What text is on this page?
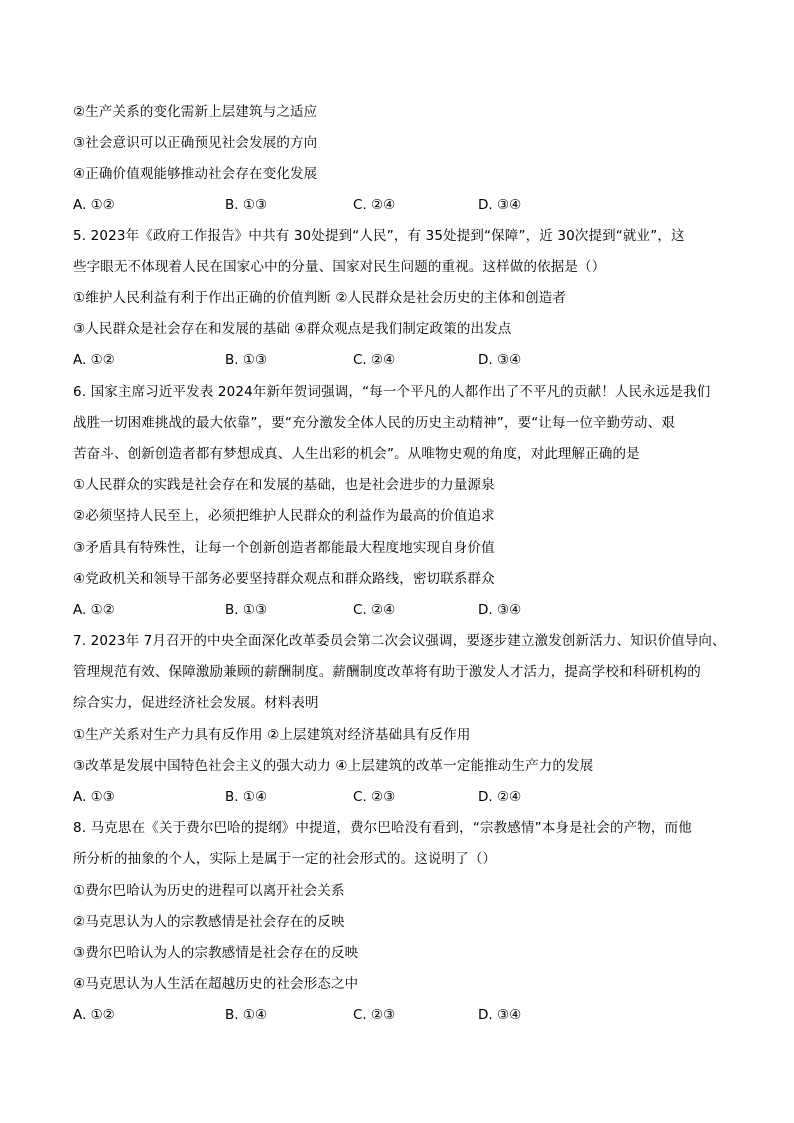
②生产关系的变化需新上层建筑与之适应
③社会意识可以正确预见社会发展的方向
④正确价值观能够推动社会存在变化发展
A. ①②	B. ①③	C. ②④	D. ③④
5. 2023年《政府工作报告》中共有 30处提到“人民”，有 35处提到“保障”，近 30次提到“就业”，这
些字眼无不体现着人民在国家心中的分量、国家对民生问题的重视。这样做的依据是（）
①维护人民利益有利于作出正确的价值判断 ②人民群众是社会历史的主体和创造者
③人民群众是社会存在和发展的基础 ④群众观点是我们制定政策的出发点
A. ①②	B. ①③	C. ②④	D. ③④
6. 国家主席习近平发表 2024年新年贺词强调，“每一个平凡的人都作出了不平凡的贡献！人民永远是我们
战胜一切困难挑战的最大依靠”，要“充分激发全体人民的历史主动精神”，要“让每一位辛勤劳动、艰
苦奋斗、创新创造者都有梦想成真、人生出彩的机会”。从唯物史观的角度，对此理解正确的是
①人民群众的实践是社会存在和发展的基础，也是社会进步的力量源泉
②必须坚持人民至上，必须把维护人民群众的利益作为最高的价值追求
③矛盾具有特殊性，让每一个创新创造者都能最大程度地实现自身价值
④党政机关和领导干部务必要坚持群众观点和群众路线，密切联系群众
A. ①②	B. ①③	C. ②④	D. ③④
7. 2023年 7月召开的中央全面深化改革委员会第二次会议强调，要逐步建立激发创新活力、知识价值导向、
管理规范有效、保障激励兼顾的薪酬制度。薪酬制度改革将有助于激发人才活力，提高学校和科研机构的
综合实力，促进经济社会发展。材料表明
①生产关系对生产力具有反作用 ②上层建筑对经济基础具有反作用
③改革是发展中国特色社会主义的强大动力 ④上层建筑的改革一定能推动生产力的发展
A. ①③	B. ①④	C. ②③	D. ②④
8. 马克思在《关于费尔巴哈的提纲》中提道，费尔巴哈没有看到，“宗教感情”本身是社会的产物，而他
所分析的抽象的个人，实际上是属于一定的社会形式的。这说明了（）
①费尔巴哈认为历史的进程可以离开社会关系
②马克思认为人的宗教感情是社会存在的反映
③费尔巴哈认为人的宗教感情是社会存在的反映
④马克思认为人生活在超越历史的社会形态之中
A. ①②	B. ①④	C. ②③	D. ③④
